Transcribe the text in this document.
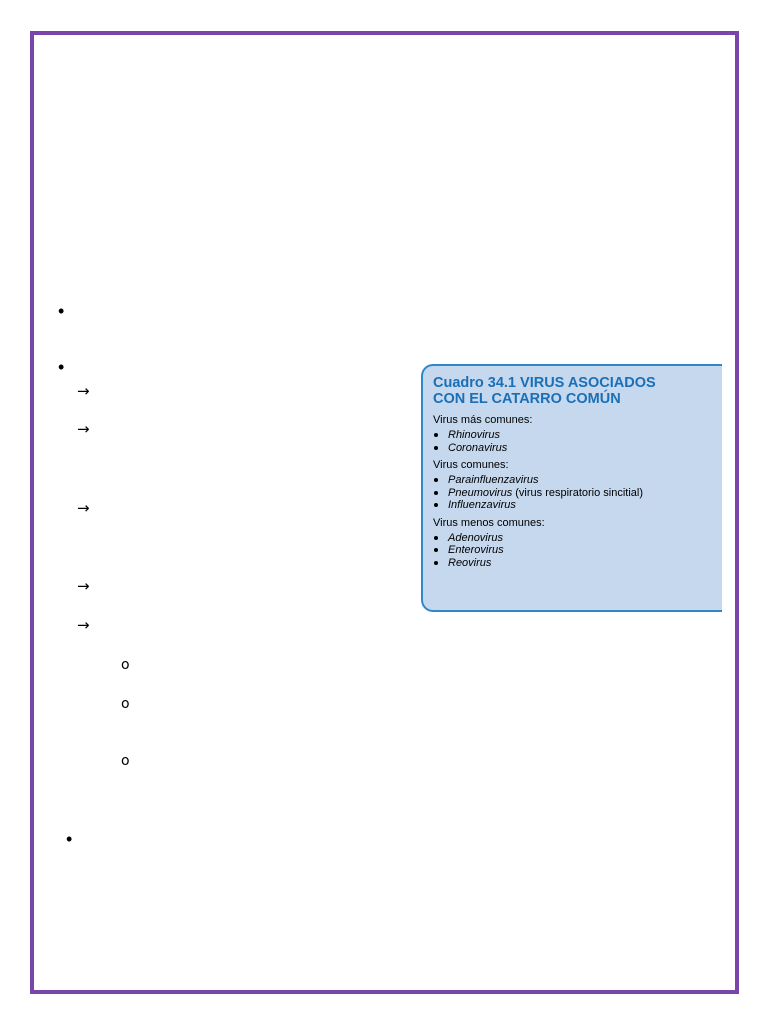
•
•
→
→
→
→
→
o
o
o
•
Cuadro 34.1 VIRUS ASOCIADOS
CON EL CATARRO COMÚN
Virus más comunes:
Rhinovirus
Coronavirus
Virus comunes:
Parainfluenzavirus
Pneumovirus (virus respiratorio sincitial)
Influenzavirus
Virus menos comunes:
Adenovirus
Enterovirus
Reovirus
